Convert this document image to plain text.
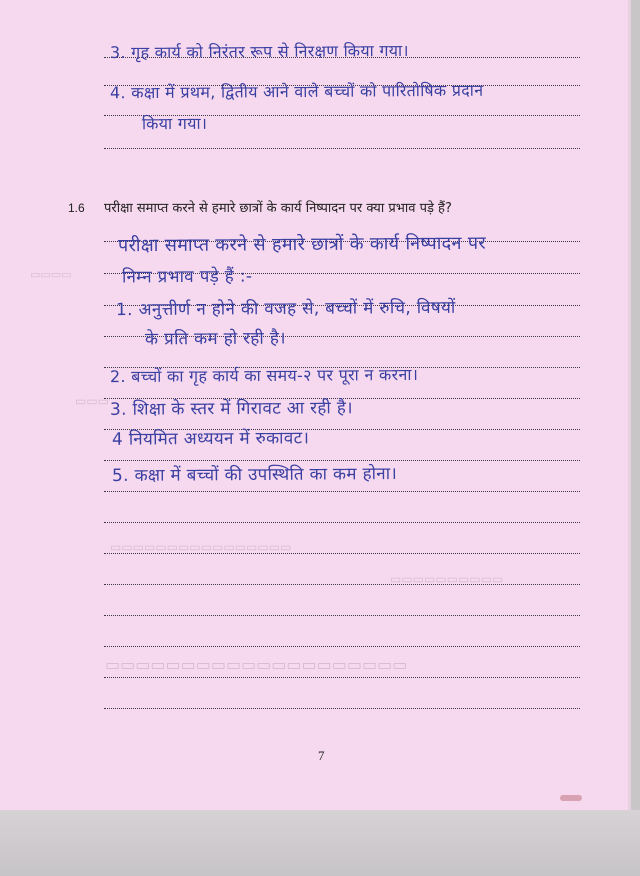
▭▭▭▭
▭▭▭
▭▭▭▭▭▭▭▭▭▭▭▭▭▭▭▭
▭▭▭▭▭▭▭▭▭▭
▭▭▭▭▭▭▭▭▭▭▭▭▭▭▭▭▭▭▭▭
3. गृह कार्य को निरंतर रूप से निरक्षण किया गया।
4. कक्षा में प्रथम, द्वितीय आने वाले बच्चों को पारितोषिक प्रदान
किया गया।
1.6 परीक्षा समाप्त करने से हमारे छात्रों के कार्य निष्पादन पर क्या प्रभाव पड़े हैं?
परीक्षा समाप्त करने से हमारे छात्रों के कार्य निष्पादन पर
निम्न प्रभाव पड़े हैं :-
1. अनुत्तीर्ण न होने की वजह से, बच्चों में रुचि, विषयों
के प्रति कम हो रही है।
2. बच्चों का गृह कार्य का समय-२ पर पूरा न करना।
3. शिक्षा के स्तर में गिरावट आ रही है।
4 नियमित अध्ययन में रुकावट।
5. कक्षा में बच्चों की उपस्थिति का कम होना।
7
